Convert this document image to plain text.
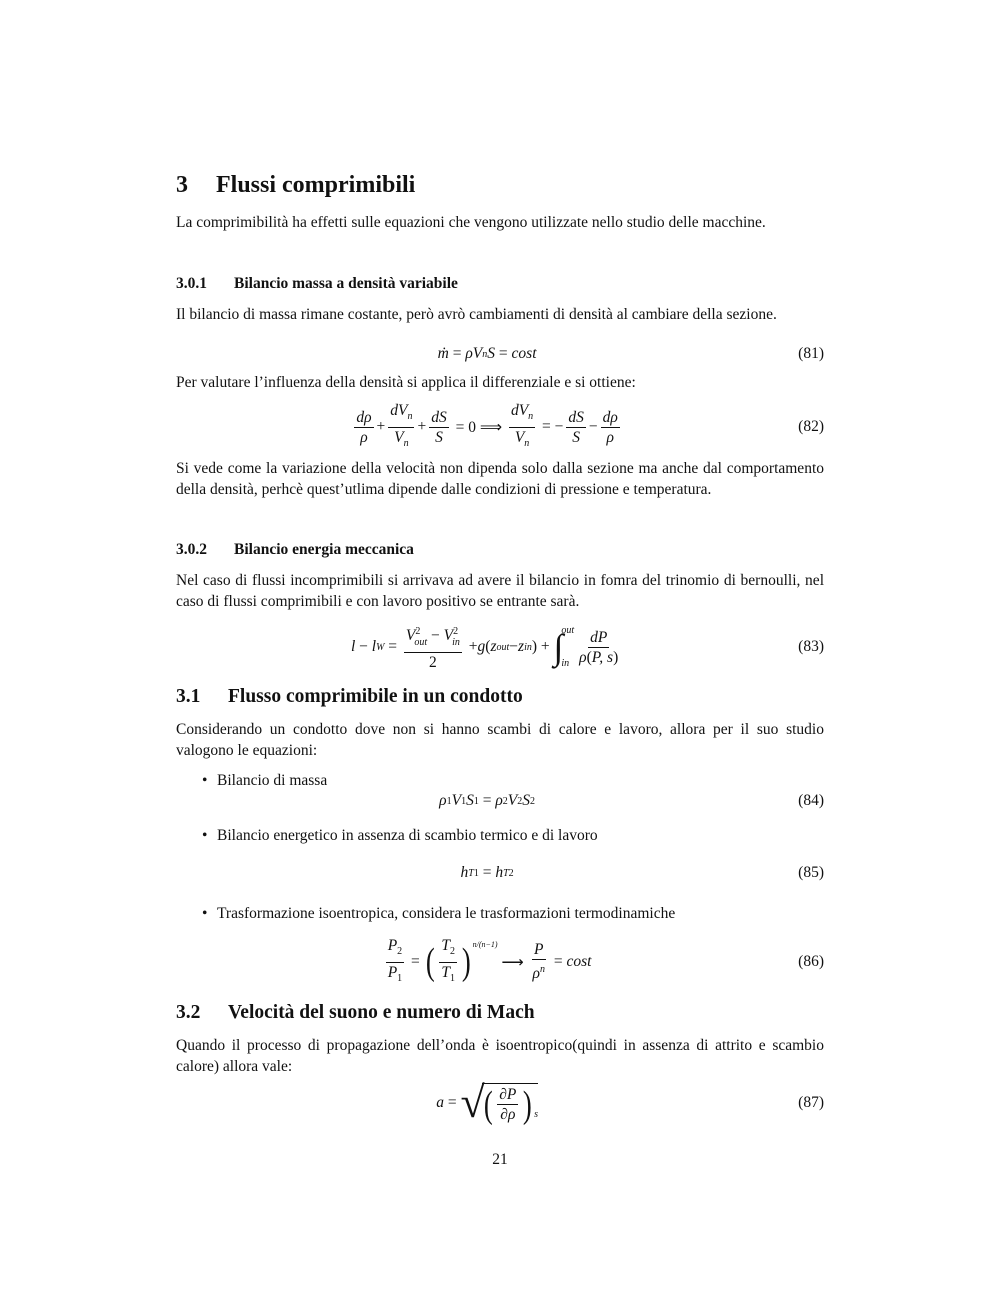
3 Flussi comprimibili
La comprimibilità ha effetti sulle equazioni che vengono utilizzate nello studio delle macchine.
3.0.1 Bilancio massa a densità variabile
Il bilancio di massa rimane costante, però avrò cambiamenti di densità al cambiare della sezione.
ṁ = ρV n S = cost	(81)
Per valutare l’influenza della densità si applica il differenziale e si ottiene:
$\frac{d\rho}{\rho} + \frac{dV_n}{V_n} + \frac{dS}{S} = 0$ ⟹ $\frac{dV_n}{V_n}$ = − $\frac{dS}{S} - \frac{d\rho}{\rho}$	(82)
Si vede come la variazione della velocità non dipenda solo dalla sezione ma anche dal comportamento della densità, perhcè quest’utlima dipende dalle condizioni di pressione e temperatura.
3.0.2 Bilancio energia meccanica
Nel caso di flussi incomprimibili si arrivava ad avere il bilancio in fomra del trinomio di bernoulli, nel caso di flussi comprimibili e con lavoro positivo se entrante sarà.
l − l $W = \frac{V^2_{out} - V^2_{in}}{2} + g$ ( z out − z in ) + ∫
out
in $\frac{dP}{\rho(P, s)}$	(83)
3.1 Flusso comprimibile in un condotto
Considerando un condotto dove non si hanno scambi di calore e lavoro, allora per il suo studio valogono le equazioni:
• Bilancio di massa
ρ 1 V 1 S 1 = ρ 2 V 2 S 2	(84)
• Bilancio energetico in assenza di scambio termico e di lavoro
h T 1 = h T 2	(85)
• Trasformazione isoentropica, considera le trasformazioni termodinamiche
$\frac{P_2}{P_1}$ = ( $\frac{T_2}{T_1}$ ) n/(n−1)
⟶ $\frac{P}{\rho^n} = \cos t$	(86)
3.2 Velocità del suono e numero di Mach
Quando il processo di propagazione dell’onda è isoentropico(quindi in assenza di attrito e scambio calore) allora vale:
a = √
( $\frac{\partial P}{\partial\rho} )_s$
(87)
21
